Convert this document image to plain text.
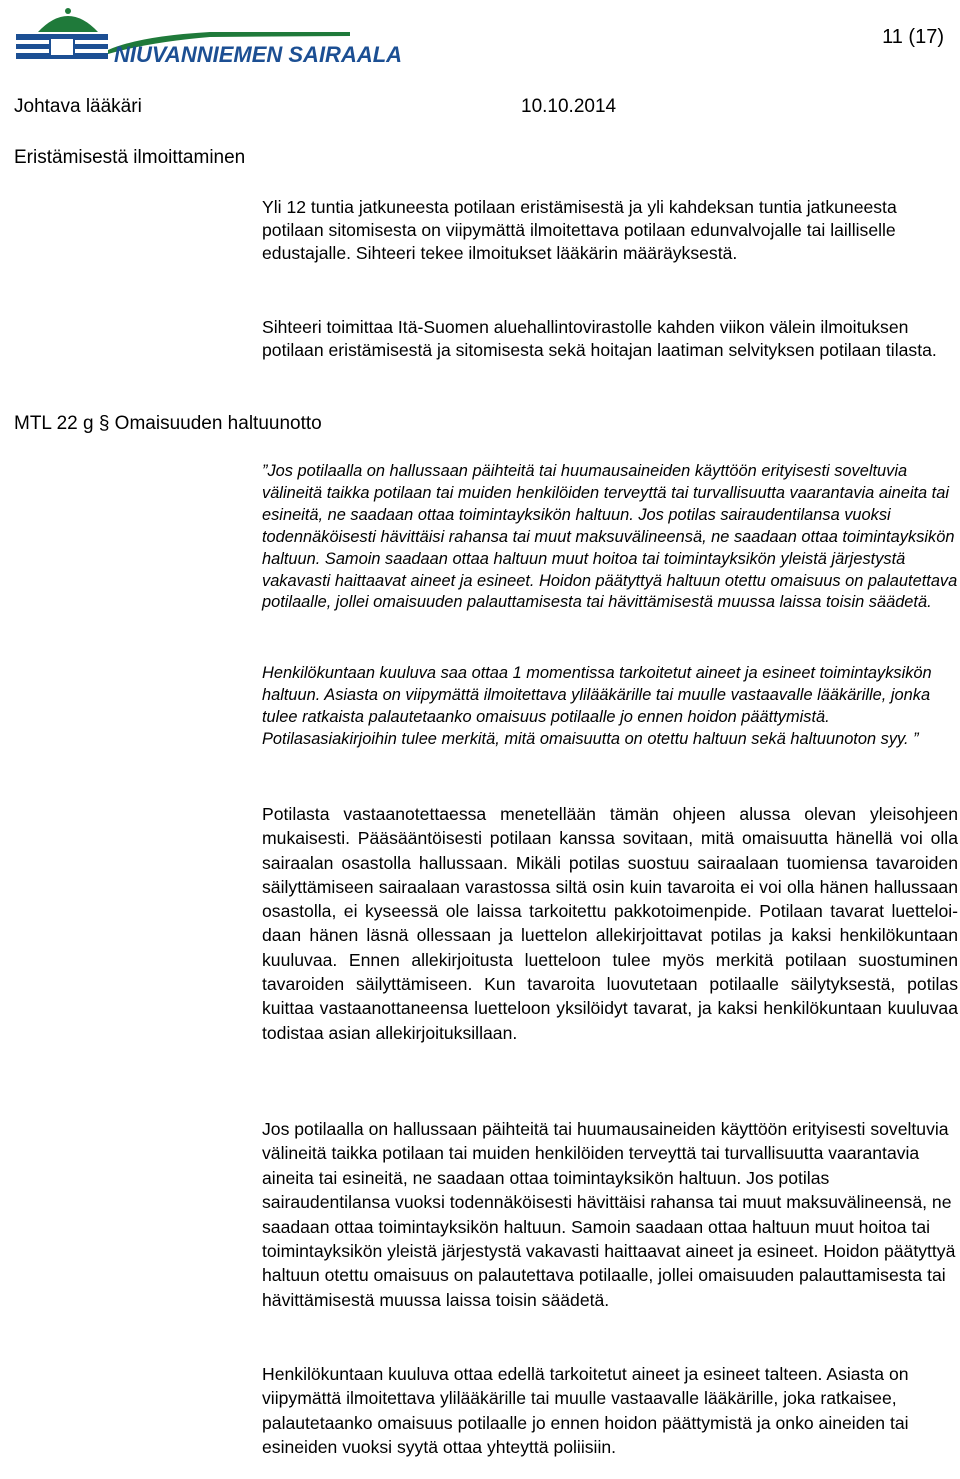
NIUVANNIEMEN SAIRAALA
11 (17)
Johtava lääkäri	10.10.2014
Eristämisestä ilmoittaminen
MTL 22 g § Omaisuuden haltuunotto

Yli 12 tuntia jatkuneesta potilaan eristämisestä ja yli kahdeksan tuntia jatkuneesta potilaan sitomisesta on viipymättä ilmoitettava potilaan edunvalvojalle tai lailliselle edustajalle. Sihteeri tekee ilmoitukset lääkärin määräyksestä.

Sihteeri toimittaa Itä-Suomen aluehallintovirastolle kahden viikon välein ilmoituksen potilaan eristämisestä ja sitomisesta sekä hoitajan laatiman selvityksen potilaan tilasta.

”Jos potilaalla on hallussaan päihteitä tai huumausaineiden käyttöön erityisesti soveltuvia välineitä taikka potilaan tai muiden henkilöiden terveyttä tai turvallisuutta vaarantavia aineita tai esineitä, ne saadaan ottaa toimintayksikön haltuun. Jos potilas sairaudentilansa vuoksi todennäköisesti hävittäisi rahansa tai muut maksuvälineensä, ne saadaan ottaa toimintayksikön haltuun. Samoin saadaan ottaa haltuun muut hoitoa tai toimintayksikön yleistä järjestystä vakavasti haittaavat aineet ja esineet. Hoidon päätyttyä haltuun otettu omaisuus on palautettava potilaalle, jollei omaisuuden palauttamisesta tai hävittämisestä muussa laissa toisin säädetä.

Henkilökuntaan kuuluva saa ottaa 1 momentissa tarkoitetut aineet ja esineet toimintayksikön haltuun. Asiasta on viipymättä ilmoitettava ylilääkärille tai muulle vastaavalle lääkärille, jonka tulee ratkaista palautetaanko omaisuus potilaalle jo ennen hoidon päättymistä. Potilasasiakirjoihin tulee merkitä, mitä omaisuutta on otettu haltuun sekä haltuunoton syy. ”

Potilasta vastaanotettaessa menetellään tämän ohjeen alussa olevan yleisohjeen mukaisesti. Pääsääntöisesti potilaan kanssa sovitaan, mitä omaisuutta hänellä voi olla sairaalan osastolla hallussaan. Mikäli potilas suostuu sairaalaan tuomiensa tavaroiden säilyttämiseen sairaalaan varastossa siltä osin kuin tavaroita ei voi olla hänen hallussaan osastolla, ei kyseessä ole laissa tarkoitettu pakkotoimenpide. Potilaan tavarat luetteloidaan hänen läsnä ollessaan ja luettelon allekirjoittavat potilas ja kaksi henkilökuntaan kuuluvaa. Ennen allekirjoitusta luetteloon tulee myös merkitä potilaan suostuminen tavaroiden säilyttämiseen. Kun tavaroita luovutetaan potilaalle säilytyksestä, potilas kuittaa vastaanottaneensa luetteloon yksilöidyt tavarat, ja kaksi henkilökuntaan kuuluvaa todistaa asian allekirjoituksillaan.

Jos potilaalla on hallussaan päihteitä tai huumausaineiden käyttöön erityisesti soveltuvia välineitä taikka potilaan tai muiden henkilöiden terveyttä tai turvallisuutta vaarantavia aineita tai esineitä, ne saadaan ottaa toimintayksikön haltuun. Jos potilas sairaudentilansa vuoksi todennäköisesti hävittäisi rahansa tai muut maksuvälineensä, ne saadaan ottaa toimintayksikön haltuun. Samoin saadaan ottaa haltuun muut hoitoa tai toimintayksikön yleistä järjestystä vakavasti haittaavat aineet ja esineet. Hoidon päätyttyä haltuun otettu omaisuus on palautettava potilaalle, jollei omaisuuden palauttamisesta tai hävittämisestä muussa laissa toisin säädetä.

Henkilökuntaan kuuluva ottaa edellä tarkoitetut aineet ja esineet talteen. Asiasta on viipymättä ilmoitettava ylilääkärille tai muulle vastaavalle lääkärille, joka ratkaisee, palautetaanko omaisuus potilaalle jo ennen hoidon päättymistä ja onko aineiden tai esineiden vuoksi syytä ottaa yhteyttä poliisiin.
